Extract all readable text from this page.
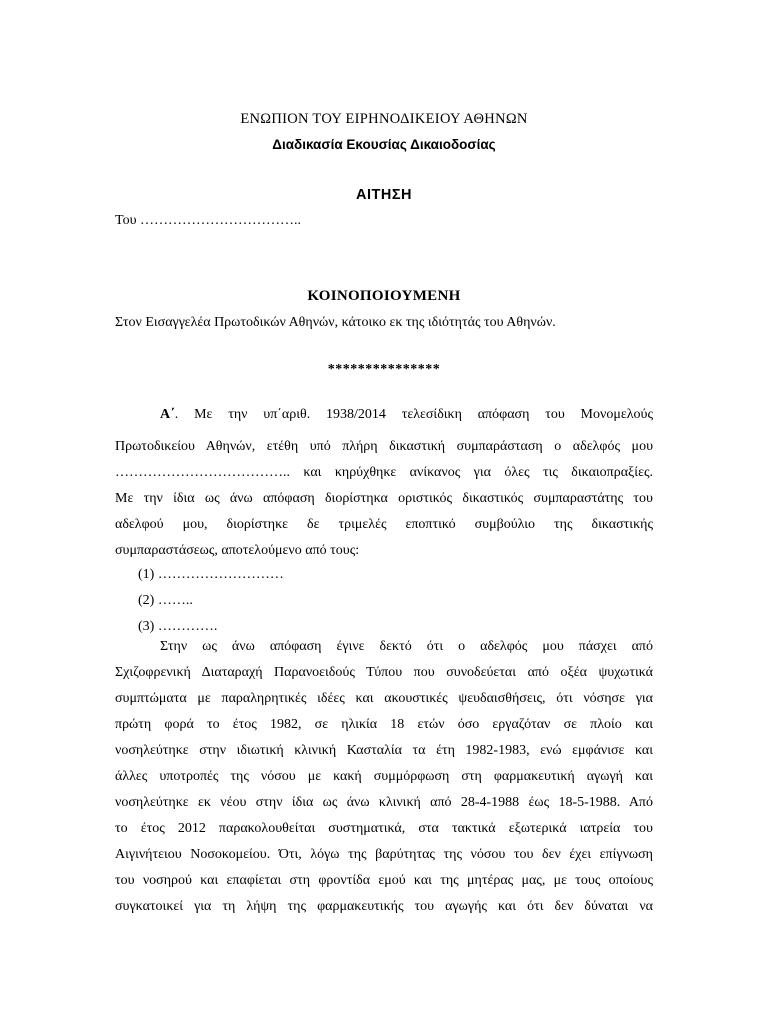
ΕΝΩΠΙΟΝ ΤΟΥ ΕΙΡΗΝΟΔΙΚΕΙΟΥ ΑΘΗΝΩΝ
Διαδικασία Εκουσίας Δικαιοδοσίας
ΑΙΤΗΣΗ
Του ……………………………..
ΚΟΙΝΟΠΟΙΟΥΜΕΝΗ
Στον Εισαγγελέα Πρωτοδικών Αθηνών, κάτοικο εκ της ιδιότητάς του Αθηνών.
***************
Α΄. Με την υπ΄αριθ. 1938/2014 τελεσίδικη απόφαση του Μονομελούς
Πρωτοδικείου Αθηνών, ετέθη υπό πλήρη δικαστική συμπαράσταση ο αδελφός μου
……………………………….. και κηρύχθηκε ανίκανος για όλες τις δικαιοπραξίες.
Με την ίδια ως άνω απόφαση διορίστηκα οριστικός δικαστικός συμπαραστάτης του
αδελφού μου, διορίστηκε δε τριμελές εποπτικό συμβούλιο της δικαστικής
συμπαραστάσεως, αποτελούμενο από τους:
(1) ………………………
(2) ……..
(3) ………….
Στην ως άνω απόφαση έγινε δεκτό ότι ο αδελφός μου πάσχει από
Σχιζοφρενική Διαταραχή Παρανοειδούς Τύπου που συνοδεύεται από οξέα ψυχωτικά
συμπτώματα με παραληρητικές ιδέες και ακουστικές ψευδαισθήσεις, ότι νόσησε για
πρώτη φορά το έτος 1982, σε ηλικία 18 ετών όσο εργαζόταν σε πλοίο και
νοσηλεύτηκε στην ιδιωτική κλινική Κασταλία τα έτη 1982-1983, ενώ εμφάνισε και
άλλες υποτροπές της νόσου με κακή συμμόρφωση στη φαρμακευτική αγωγή και
νοσηλεύτηκε εκ νέου στην ίδια ως άνω κλινική από 28-4-1988 έως 18-5-1988. Από
το έτος 2012 παρακολουθείται συστηματικά, στα τακτικά εξωτερικά ιατρεία του
Αιγινήτειου Νοσοκομείου. Ότι, λόγω της βαρύτητας της νόσου του δεν έχει επίγνωση
του νοσηρού και επαφίεται στη φροντίδα εμού και της μητέρας μας, με τους οποίους
συγκατοικεί για τη λήψη της φαρμακευτικής του αγωγής και ότι δεν δύναται να
